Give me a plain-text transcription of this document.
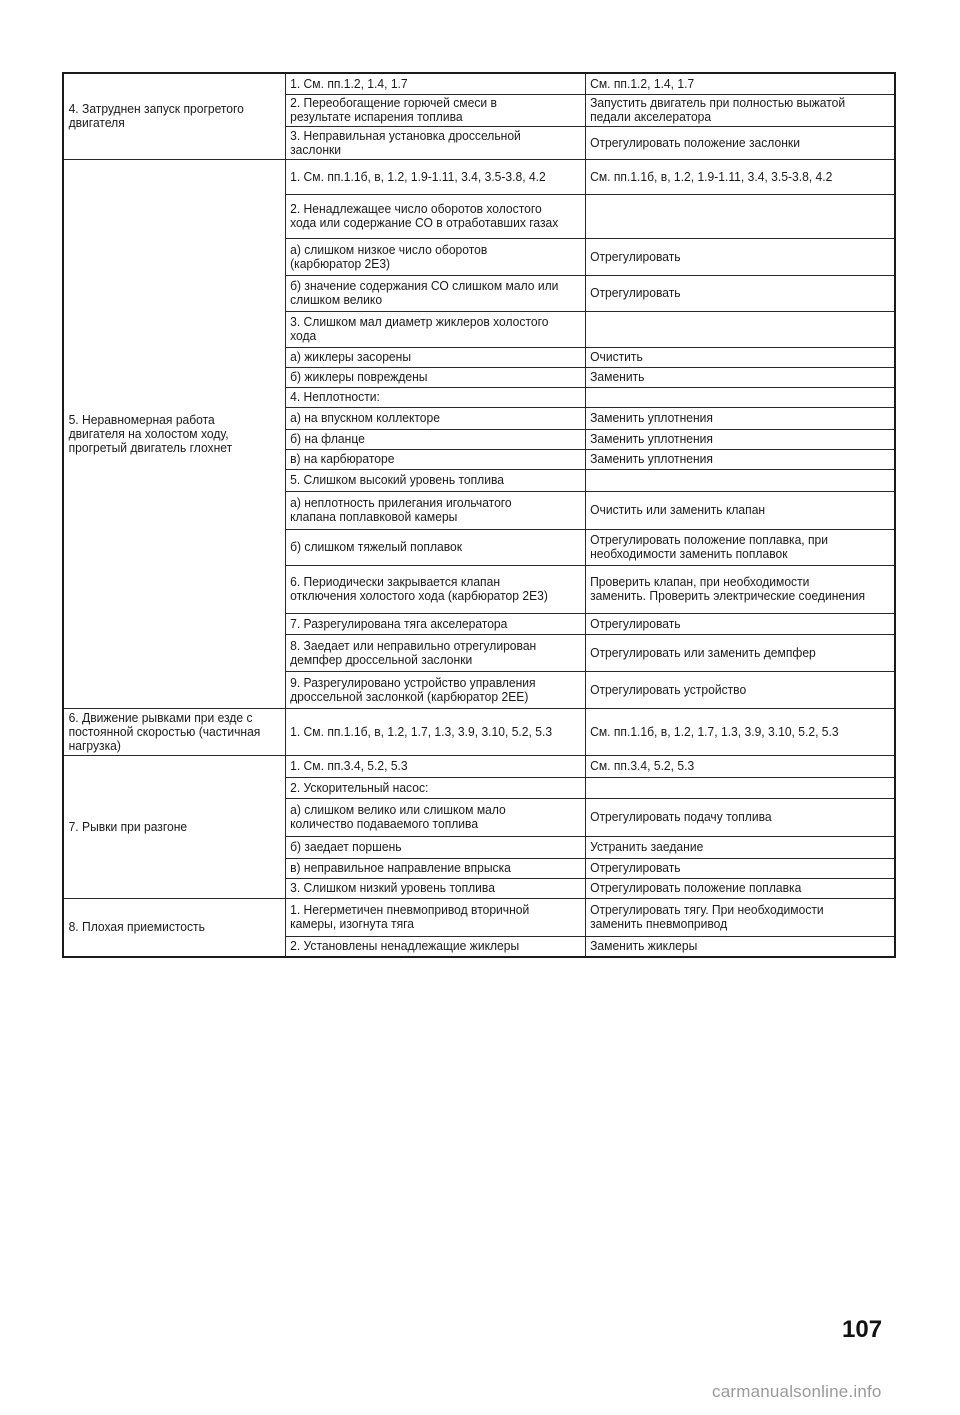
4. Затруднен запуск прогретого двигателя	1. См. пп.1.2, 1.4, 1.7	См. пп.1.2, 1.4, 1.7
	2. Переобогащение горючей смеси в результате испарения топлива	Запустить двигатель при полностью выжатой педали акселератора
	3. Неправильная установка дроссельной заслонки	Отрегулировать положение заслонки
5. Неравномерная работа двигателя на холостом ходу, прогретый двигатель глохнет	1. См. пп.1.1б, в, 1.2, 1.9-1.11, 3.4, 3.5-3.8, 4.2	См. пп.1.1б, в, 1.2, 1.9-1.11, 3.4, 3.5-3.8, 4.2
	2. Ненадлежащее число оборотов холостого хода или содержание СО в отработавших газах	
	а) слишком низкое число оборотов (карбюратор 2Е3)	Отрегулировать
	б) значение содержания СО слишком мало или слишком велико	Отрегулировать
	3. Слишком мал диаметр жиклеров холостого хода	
	а) жиклеры засорены	Очистить
	б) жиклеры повреждены	Заменить
	4. Неплотности:	
	а) на впускном коллекторе	Заменить уплотнения
	б) на фланце	Заменить уплотнения
	в) на карбюраторе	Заменить уплотнения
	5. Слишком высокий уровень топлива	
	а) неплотность прилегания игольчатого клапана поплавковой камеры	Очистить или заменить клапан
	б) слишком тяжелый поплавок	Отрегулировать положение поплавка, при необходимости заменить поплавок
	6. Периодически закрывается клапан отключения холостого хода (карбюратор 2Е3)	Проверить клапан, при необходимости заменить. Проверить электрические соединения
	7. Разрегулирована тяга акселератора	Отрегулировать
	8. Заедает или неправильно отрегулирован демпфер дроссельной заслонки	Отрегулировать или заменить демпфер
	9. Разрегулировано устройство управления дроссельной заслонкой (карбюратор 2ЕЕ)	Отрегулировать устройство
6. Движение рывками при езде с постоянной скоростью (частичная нагрузка)	1. См. пп.1.1б, в, 1.2, 1.7, 1.3, 3.9, 3.10, 5.2, 5.3	См. пп.1.1б, в, 1.2, 1.7, 1.3, 3.9, 3.10, 5.2, 5.3
7. Рывки при разгоне	1. См. пп.3.4, 5.2, 5.3	См. пп.3.4, 5.2, 5.3
	2. Ускорительный насос:	
	а) слишком велико или слишком мало количество подаваемого топлива	Отрегулировать подачу топлива
	б) заедает поршень	Устранить заедание
	в) неправильное направление впрыска	Отрегулировать
	3. Слишком низкий уровень топлива	Отрегулировать положение поплавка
8. Плохая приемистость	1. Негерметичен пневмопривод вторичной камеры, изогнута тяга	Отрегулировать тягу. При необходимости заменить пневмопривод
	2. Установлены ненадлежащие жиклеры	Заменить жиклеры
107
carmanualsonline.info
